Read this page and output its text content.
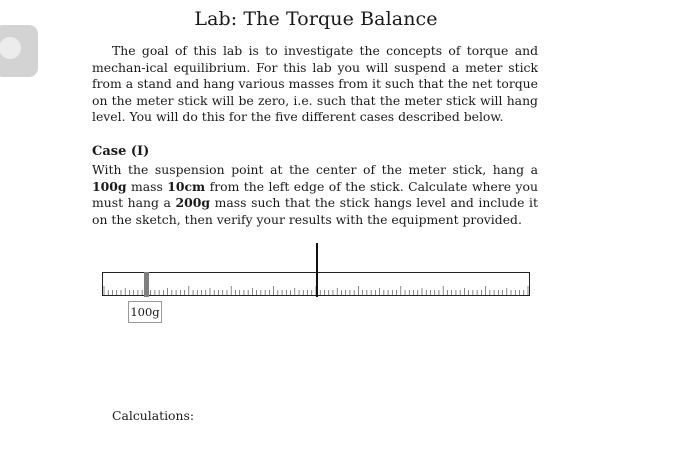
Lab: The Torque Balance

The goal of this lab is to investigate the concepts of torque and mechan-ical equilibrium. For this lab you will suspend a meter stick from a stand and hang various masses from it such that the net torque on the meter stick will be zero, i.e. such that the meter stick will hang level. You will do this for the five different cases described below.

Case (I)

With the suspension point at the center of the meter stick, hang a 100g mass 10cm from the left edge of the stick. Calculate where you must hang a 200g mass such that the stick hangs level and include it on the sketch, then verify your results with the equipment provided.

100g
Calculations:
